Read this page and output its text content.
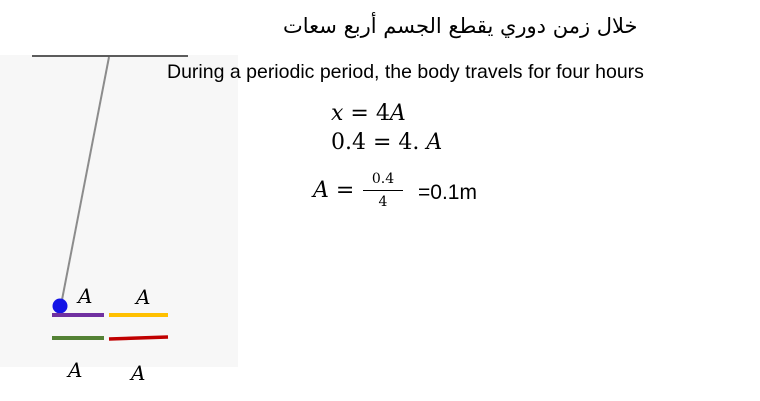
خلال زمن دوري يقطع الجسم أربع سعات
During a periodic period, the body travels for four hours
x = 4A
0.4 = 4. A
A =	0.4
4	=0.1m
A A
A A
